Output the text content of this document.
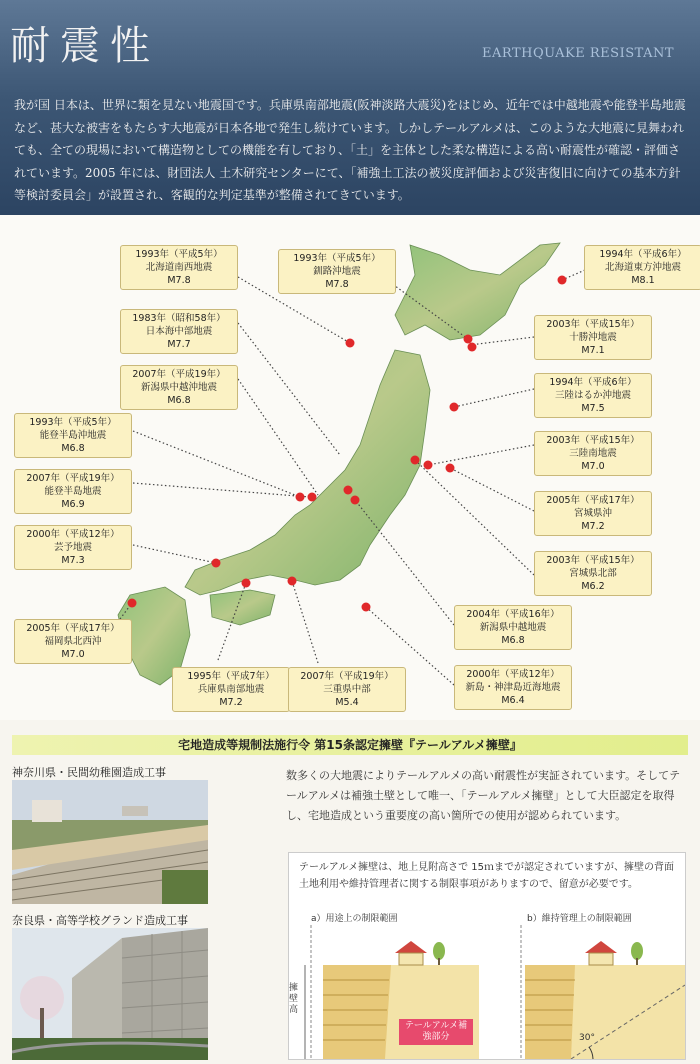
耐震性	EARTHQUAKE RESISTANT
我が国 日本は、世界に類を見ない地震国です。兵庫県南部地震(阪神淡路大震災)をはじめ、近年では中越地震や能登半島地震など、甚大な被害をもたらす大地震が日本各地で発生し続けています。しかしテールアルメは、このような大地震に見舞われても、全ての現場において構造物としての機能を有しており、「土」を主体とした柔な構造による高い耐震性が確認・評価されています。2005 年には、財団法人 土木研究センターにて、「補強土工法の被災度評価および災害復旧に向けての基本方針等検討委員会」が設置され、客観的な判定基準が整備されてきています。
1993年（平成5年）
北海道南西地震
M7.8
1993年（平成5年）
釧路沖地震
M7.8
1994年（平成6年）
北海道東方沖地震
M8.1
1983年（昭和58年）
日本海中部地震
M7.7
2003年（平成15年）
十勝沖地震
M7.1
2007年（平成19年）
新潟県中越沖地震
M6.8
1994年（平成6年）
三陸はるか沖地震
M7.5
1993年（平成5年）
能登半島沖地震
M6.8
2003年（平成15年）
三陸南地震
M7.0
2007年（平成19年）
能登半島地震
M6.9	2005年（平成17年）
宮城県沖
M7.2
2000年（平成12年）
芸予地震
M7.3	2003年（平成15年）
宮城県北部
M6.2
2004年（平成16年）
新潟県中越地震
M6.8
2005年（平成17年）
福岡県北西沖
M7.0
2000年（平成12年）
新島・神津島近海地震
M6.4
1995年（平成7年）
兵庫県南部地震
M7.2
2007年（平成19年）
三重県中部
M5.4
宅地造成等規制法施行令 第15条認定擁壁『テールアルメ擁壁』
神奈川県・民間幼稚園造成工事
奈良県・高等学校グランド造成工事
数多くの大地震によりテールアルメの高い耐震性が実証されています。そしてテールアルメは補強土壁として唯一、「テールアルメ擁壁」として大臣認定を取得し、宅地造成という重要度の高い箇所での使用が認められています。
テールアルメ擁壁は、地上見附高さで 15ｍまでが認定されていますが、擁壁の背面土地利用や維持管理者に関する制限事項がありますので、留意が必要です。
a）用途上の制限範囲	b）維持管理上の制限範囲
擁壁高
テールアルメ補強部分	30°
